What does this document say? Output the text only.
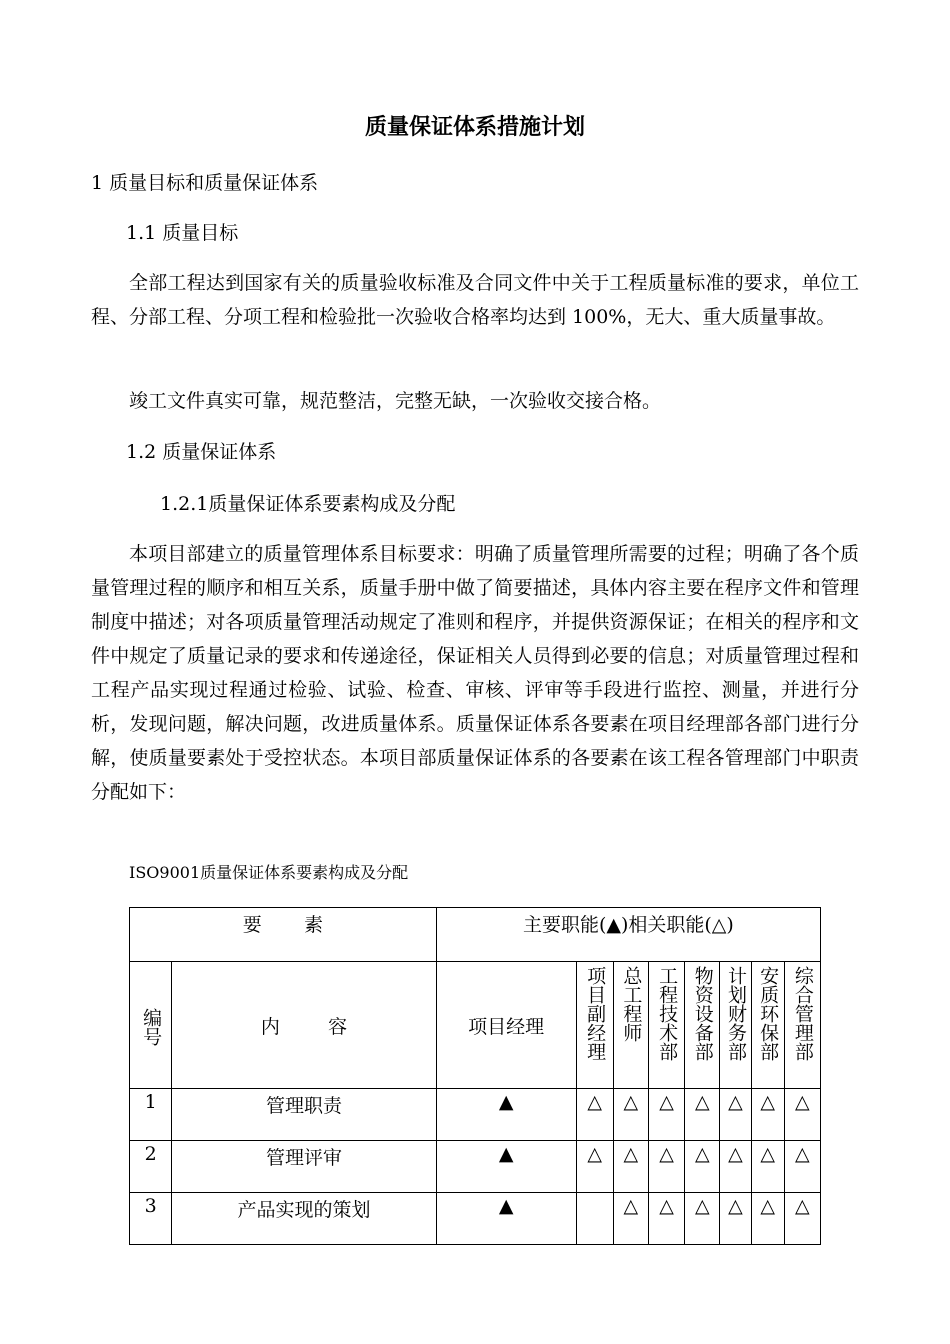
质量保证体系措施计划
1 质量目标和质量保证体系
1.1 质量目标
全部工程达到国家有关的质量验收标准及合同文件中关于工程质量标准的要求，单位工程、分部工程、分项工程和检验批一次验收合格率均达到 100%，无大、重大质量事故。
竣工文件真实可靠，规范整洁，完整无缺，一次验收交接合格。
1.2 质量保证体系
1.2.1质量保证体系要素构成及分配
本项目部建立的质量管理体系目标要求：明确了质量管理所需要的过程；明确了各个质量管理过程的顺序和相互关系，质量手册中做了简要描述，具体内容主要在程序文件和管理制度中描述；对各项质量管理活动规定了准则和程序，并提供资源保证；在相关的程序和文件中规定了质量记录的要求和传递途径，保证相关人员得到必要的信息；对质量管理过程和工程产品实现过程通过检验、试验、检查、审核、评审等手段进行监控、测量，并进行分析，发现问题，解决问题，改进质量体系。质量保证体系各要素在项目经理部各部门进行分解，使质量要素处于受控状态。本项目部质量保证体系的各要素在该工程各管理部门中职责分配如下：
ISO9001质量保证体系要素构成及分配
要       素		主要职能(▲)相关职能(△)							

编号	内        容	项目经理	项目副经理	总工程师	工程技术部	物资设备部	计划财务部	安质环保部	综合管理部

1	管理职责	▲	△	△	△	△	△	△	△
2	管理评审	▲	△	△	△	△	△	△	△
3	产品实现的策划	▲		△	△	△	△	△	△
